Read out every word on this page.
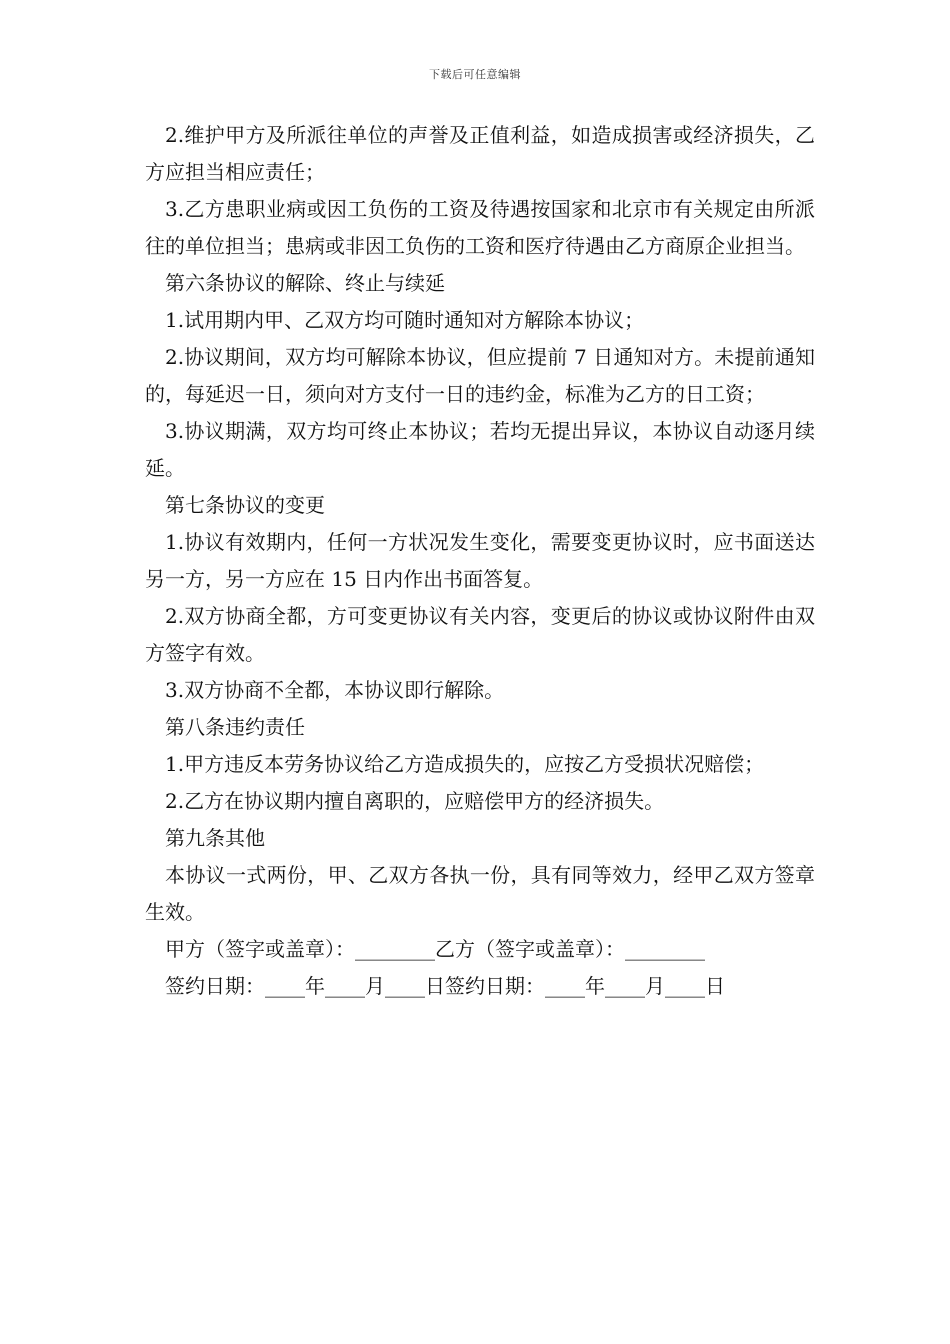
下载后可任意编辑

2.维护甲方及所派往单位的声誉及正值利益，如造成损害或经济损失，乙方应担当相应责任；

3.乙方患职业病或因工负伤的工资及待遇按国家和北京市有关规定由所派往的单位担当；患病或非因工负伤的工资和医疗待遇由乙方商原企业担当。

第六条协议的解除、终止与续延

1.试用期内甲、乙双方均可随时通知对方解除本协议；

2.协议期间，双方均可解除本协议，但应提前 7 日通知对方。未提前通知的，每延迟一日，须向对方支付一日的违约金，标准为乙方的日工资；

3.协议期满，双方均可终止本协议；若均无提出异议，本协议自动逐月续延。

第七条协议的变更

1.协议有效期内，任何一方状况发生变化，需要变更协议时，应书面送达另一方，另一方应在 15 日内作出书面答复。

2.双方协商全都，方可变更协议有关内容，变更后的协议或协议附件由双方签字有效。

3.双方协商不全都，本协议即行解除。

第八条违约责任

1.甲方违反本劳务协议给乙方造成损失的，应按乙方受损状况赔偿；

2.乙方在协议期内擅自离职的，应赔偿甲方的经济损失。

第九条其他

本协议一式两份，甲、乙双方各执一份，具有同等效力，经甲乙双方签章生效。

甲方（签字或盖章）：________乙方（签字或盖章）：________

签约日期：____年____月____日签约日期：____年____月____日
